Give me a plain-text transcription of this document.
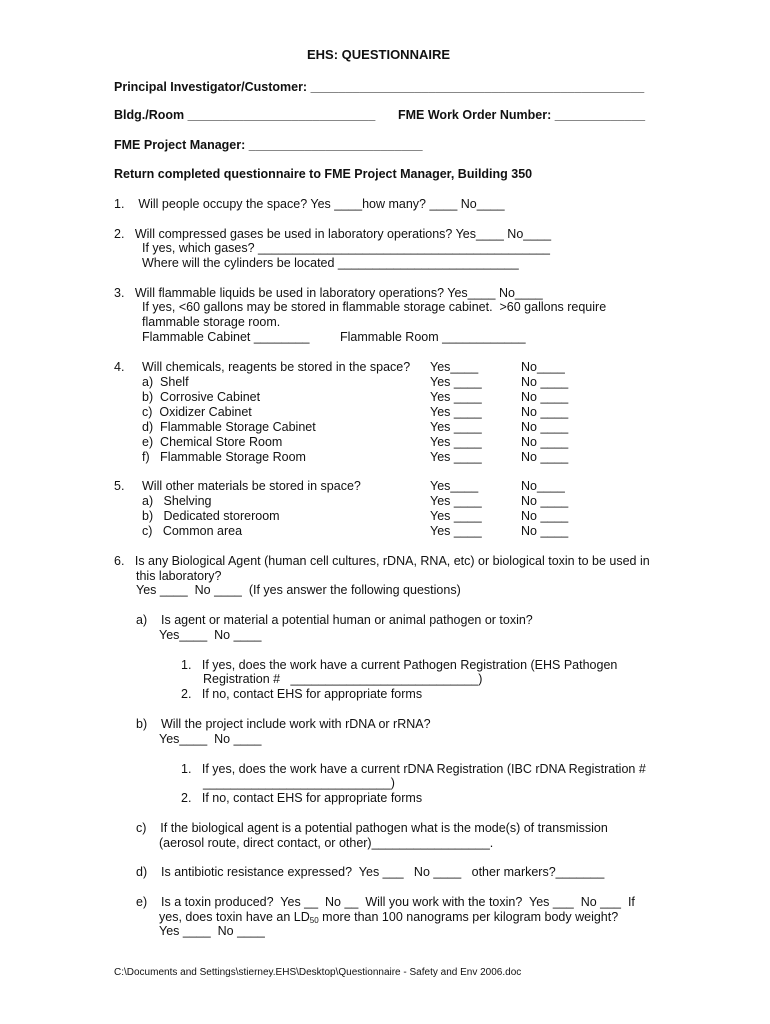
EHS: QUESTIONNAIRE
Principal Investigator/Customer: ________________________________________________
Bldg./Room ___________________________ FME Work Order Number: _____________
FME Project Manager: _________________________
Return completed questionnaire to FME Project Manager, Building 350
1.    Will people occupy the space? Yes ____how many? ____ No____
2.   Will compressed gases be used in laboratory operations? Yes____ No____
If yes, which gases? __________________________________________
Where will the cylinders be located __________________________
3.   Will flammable liquids be used in laboratory operations? Yes____ No____
If yes, <60 gallons may be stored in flammable storage cabinet.  >60 gallons require
flammable storage room.
Flammable Cabinet ________ Flammable Room ____________
4. Will chemicals, reagents be stored in the space? Yes____	No____
a)  Shelf	Yes ____	No ____
b)  Corrosive Cabinet	Yes ____	No ____
c)  Oxidizer Cabinet	Yes ____	No ____
d)  Flammable Storage Cabinet	Yes ____	No ____
e)  Chemical Store Room	Yes ____	No ____
f)   Flammable Storage Room	Yes ____	No ____
5. Will other materials be stored in space?	Yes____	No____
a)   Shelving	Yes ____	No ____
b)   Dedicated storeroom	Yes ____	No ____
c)   Common area	Yes ____	No ____
6.   Is any Biological Agent (human cell cultures, rDNA, RNA, etc) or biological toxin to be used in
this laboratory?
Yes ____  No ____  (If yes answer the following questions)
a)    Is agent or material a potential human or animal pathogen or toxin?
Yes____  No ____
1.   If yes, does the work have a current Pathogen Registration (EHS Pathogen
Registration #   ___________________________)
2.   If no, contact EHS for appropriate forms
b)    Will the project include work with rDNA or rRNA?
Yes____  No ____
1.   If yes, does the work have a current rDNA Registration (IBC rDNA Registration #
___________________________)
2.   If no, contact EHS for appropriate forms
c)    If the biological agent is a potential pathogen what is the mode(s) of transmission
(aerosol route, direct contact, or other)_________________.
d)    Is antibiotic resistance expressed?  Yes ___   No ____   other markers?_______
e)    Is a toxin produced?  Yes __  No __  Will you work with the toxin?  Yes ___  No ___  If
yes, does toxin have an $LD_{50}$ more than 100 nanograms per kilogram body weight?
Yes ____  No ____
C:\Documents and Settings\stierney.EHS\Desktop\Questionnaire - Safety and Env 2006.doc
